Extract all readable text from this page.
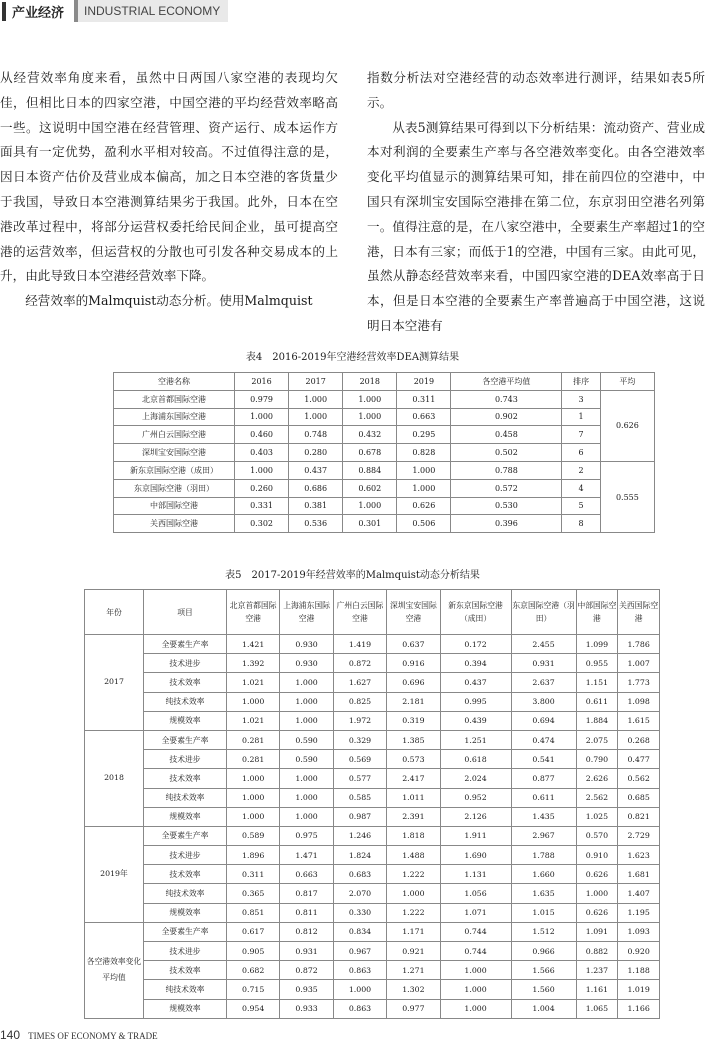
产业经济	INDUSTRIAL ECONOMY

从经营效率角度来看，虽然中日两国八家空港的表现均欠佳，但相比日本的四家空港，中国空港的平均经营效率略高一些。这说明中国空港在经营管理、资产运行、成本运作方面具有一定优势，盈利水平相对较高。不过值得注意的是，因日本资产估价及营业成本偏高，加之日本空港的客货量少于我国，导致日本空港测算结果劣于我国。此外，日本在空港改革过程中，将部分运营权委托给民间企业，虽可提高空港的运营效率，但运营权的分散也可引发各种交易成本的上升，由此导致日本空港经营效率下降。

经营效率的Malmquist动态分析。使用Malmquist

指数分析法对空港经营的动态效率进行测评，结果如表5所示。

从表5测算结果可得到以下分析结果：流动资产、营业成本对利润的全要素生产率与各空港效率变化。由各空港效率变化平均值显示的测算结果可知，排在前四位的空港中，中国只有深圳宝安国际空港排在第二位，东京羽田空港名列第一。值得注意的是，在八家空港中，全要素生产率超过1的空港，日本有三家；而低于1的空港，中国有三家。由此可见，虽然从静态经营效率来看，中国四家空港的DEA效率高于日本，但是日本空港的全要素生产率普遍高于中国空港，这说明日本空港有

表4　2016-2019年空港经营效率DEA测算结果
空港名称	2016	2017	2018	2019	各空港平均值	排序	平均
北京首都国际空港	0.979	1.000	1.000	0.311	0.743	3	0.626
上海浦东国际空港	1.000	1.000	1.000	0.663	0.902	1	
广州白云国际空港	0.460	0.748	0.432	0.295	0.458	7	
深圳宝安国际空港	0.403	0.280	0.678	0.828	0.502	6	
新东京国际空港（成田）	1.000	0.437	0.884	1.000	0.788	2	0.555
东京国际空港（羽田）	0.260	0.686	0.602	1.000	0.572	4	
中部国际空港	0.331	0.381	1.000	0.626	0.530	5	
关西国际空港	0.302	0.536	0.301	0.506	0.396	8	
表5　2017-2019年经营效率的Malmquist动态分析结果
年份	项目	北京首都国际空港	上海浦东国际空港	广州白云国际空港	深圳宝安国际空港	新东京国际空港（成田）	东京国际空港（羽田）	中部国际空港	关西国际空港
2017	全要素生产率	1.421	0.930	1.419	0.637	0.172	2.455	1.099	1.786
	技术进步	1.392	0.930	0.872	0.916	0.394	0.931	0.955	1.007
	技术效率	1.021	1.000	1.627	0.696	0.437	2.637	1.151	1.773
	纯技术效率	1.000	1.000	0.825	2.181	0.995	3.800	0.611	1.098
	规模效率	1.021	1.000	1.972	0.319	0.439	0.694	1.884	1.615
2018	全要素生产率	0.281	0.590	0.329	1.385	1.251	0.474	2.075	0.268
	技术进步	0.281	0.590	0.569	0.573	0.618	0.541	0.790	0.477
	技术效率	1.000	1.000	0.577	2.417	2.024	0.877	2.626	0.562
	纯技术效率	1.000	1.000	0.585	1.011	0.952	0.611	2.562	0.685
	规模效率	1.000	1.000	0.987	2.391	2.126	1.435	1.025	0.821
2019年	全要素生产率	0.589	0.975	1.246	1.818	1.911	2.967	0.570	2.729
	技术进步	1.896	1.471	1.824	1.488	1.690	1.788	0.910	1.623
	技术效率	0.311	0.663	0.683	1.222	1.131	1.660	0.626	1.681
	纯技术效率	0.365	0.817	2.070	1.000	1.056	1.635	1.000	1.407
	规模效率	0.851	0.811	0.330	1.222	1.071	1.015	0.626	1.195
各空港效率变化平均值	全要素生产率	0.617	0.812	0.834	1.171	0.744	1.512	1.091	1.093
	技术进步	0.905	0.931	0.967	0.921	0.744	0.966	0.882	0.920
	技术效率	0.682	0.872	0.863	1.271	1.000	1.566	1.237	1.188
	纯技术效率	0.715	0.935	1.000	1.302	1.000	1.560	1.161	1.019
	规模效率	0.954	0.933	0.863	0.977	1.000	1.004	1.065	1.166
140 TIMES OF ECONOMY & TRADE
